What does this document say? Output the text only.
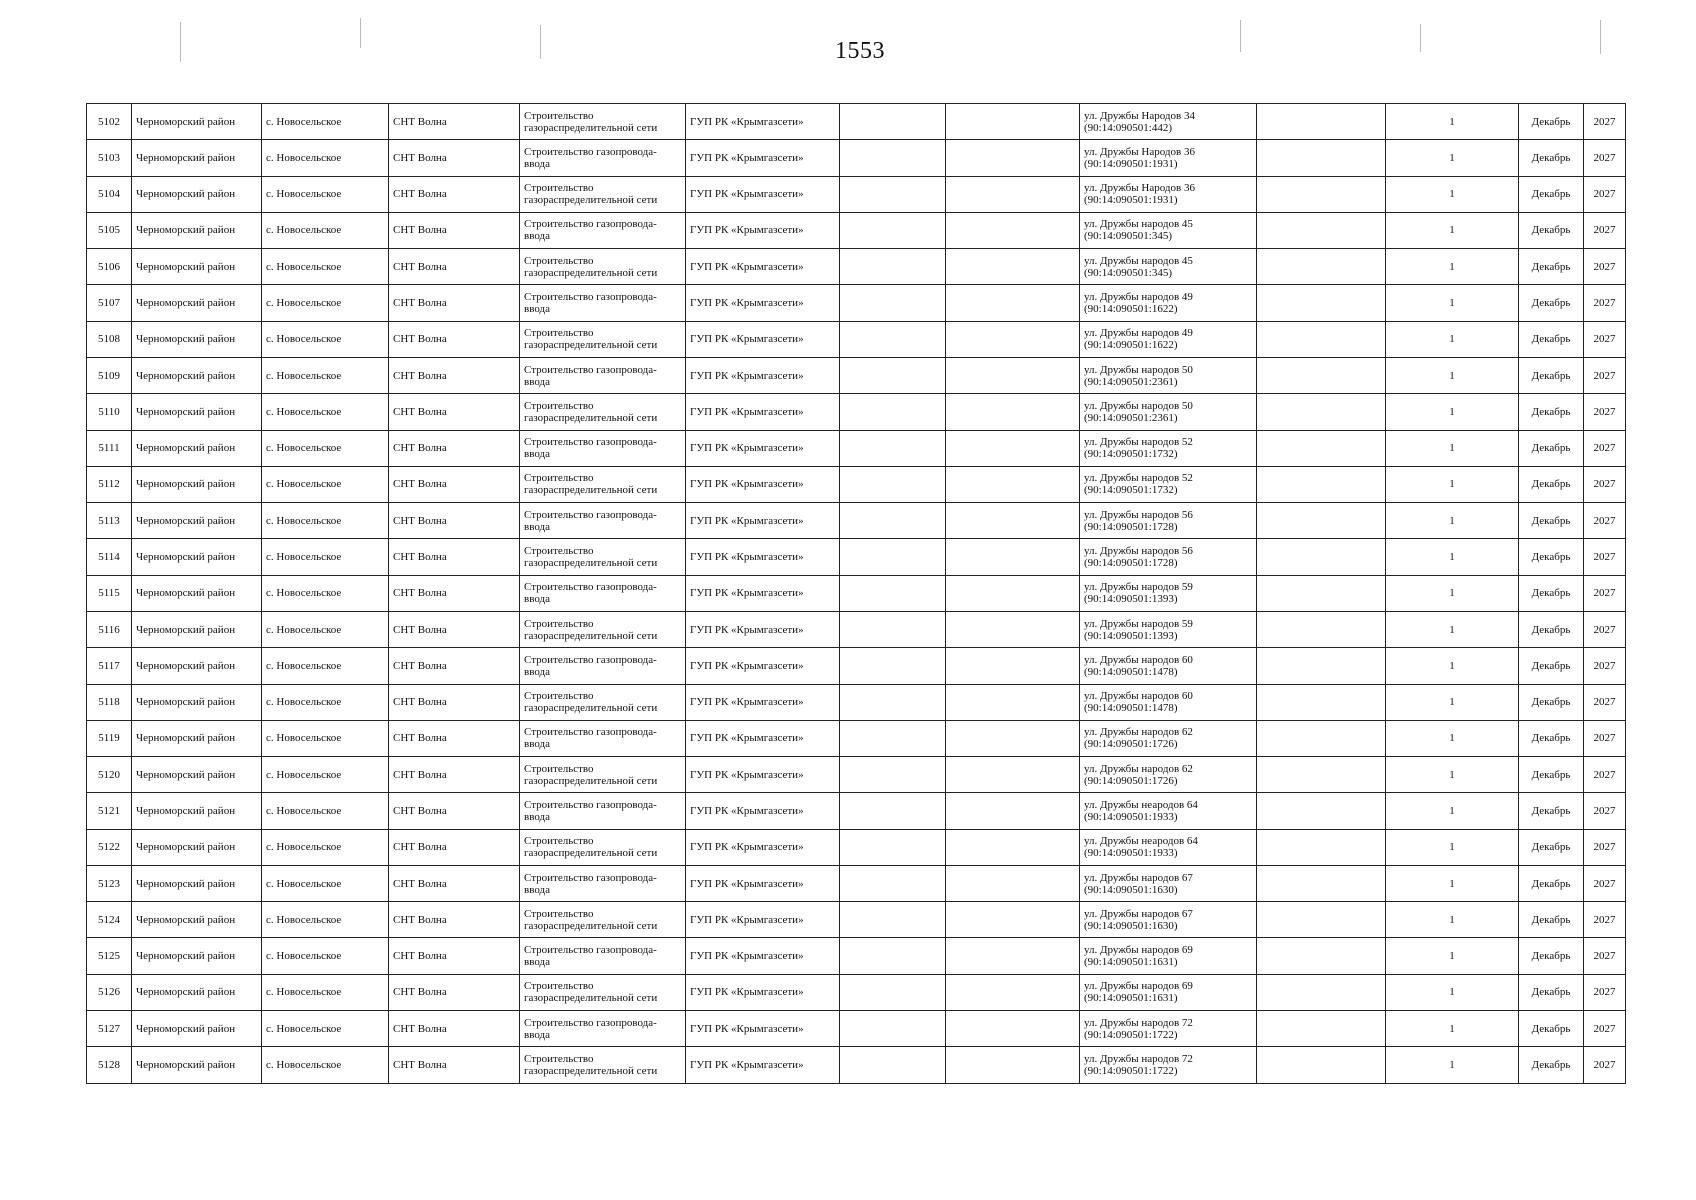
1553
5102	Черноморский район	с. Новосельское	СНТ Волна	Строительство газораспределительной сети	ГУП РК «Крымгазсети»			ул. Дружбы Народов 34 (90:14:090501:442)		1	Декабрь	2027
5103	Черноморский район	с. Новосельское	СНТ Волна	Строительство газопровода-ввода	ГУП РК «Крымгазсети»			ул. Дружбы Народов 36 (90:14:090501:1931)		1	Декабрь	2027
5104	Черноморский район	с. Новосельское	СНТ Волна	Строительство газораспределительной сети	ГУП РК «Крымгазсети»			ул. Дружбы Народов 36 (90:14:090501:1931)		1	Декабрь	2027
5105	Черноморский район	с. Новосельское	СНТ Волна	Строительство газопровода-ввода	ГУП РК «Крымгазсети»			ул. Дружбы народов 45 (90:14:090501:345)		1	Декабрь	2027
5106	Черноморский район	с. Новосельское	СНТ Волна	Строительство газораспределительной сети	ГУП РК «Крымгазсети»			ул. Дружбы народов 45 (90:14:090501:345)		1	Декабрь	2027
5107	Черноморский район	с. Новосельское	СНТ Волна	Строительство газопровода-ввода	ГУП РК «Крымгазсети»			ул. Дружбы народов 49 (90:14:090501:1622)		1	Декабрь	2027
5108	Черноморский район	с. Новосельское	СНТ Волна	Строительство газораспределительной сети	ГУП РК «Крымгазсети»			ул. Дружбы народов 49 (90:14:090501:1622)		1	Декабрь	2027
5109	Черноморский район	с. Новосельское	СНТ Волна	Строительство газопровода-ввода	ГУП РК «Крымгазсети»			ул. Дружбы народов 50 (90:14:090501:2361)		1	Декабрь	2027
5110	Черноморский район	с. Новосельское	СНТ Волна	Строительство газораспределительной сети	ГУП РК «Крымгазсети»			ул. Дружбы народов 50 (90:14:090501:2361)		1	Декабрь	2027
5111	Черноморский район	с. Новосельское	СНТ Волна	Строительство газопровода-ввода	ГУП РК «Крымгазсети»			ул. Дружбы народов 52 (90:14:090501:1732)		1	Декабрь	2027
5112	Черноморский район	с. Новосельское	СНТ Волна	Строительство газораспределительной сети	ГУП РК «Крымгазсети»			ул. Дружбы народов 52 (90:14:090501:1732)		1	Декабрь	2027
5113	Черноморский район	с. Новосельское	СНТ Волна	Строительство газопровода-ввода	ГУП РК «Крымгазсети»			ул. Дружбы народов 56 (90:14:090501:1728)		1	Декабрь	2027
5114	Черноморский район	с. Новосельское	СНТ Волна	Строительство газораспределительной сети	ГУП РК «Крымгазсети»			ул. Дружбы народов 56 (90:14:090501:1728)		1	Декабрь	2027
5115	Черноморский район	с. Новосельское	СНТ Волна	Строительство газопровода-ввода	ГУП РК «Крымгазсети»			ул. Дружбы народов 59 (90:14:090501:1393)		1	Декабрь	2027
5116	Черноморский район	с. Новосельское	СНТ Волна	Строительство газораспределительной сети	ГУП РК «Крымгазсети»			ул. Дружбы народов 59 (90:14:090501:1393)		1	Декабрь	2027
5117	Черноморский район	с. Новосельское	СНТ Волна	Строительство газопровода-ввода	ГУП РК «Крымгазсети»			ул. Дружбы народов 60 (90:14:090501:1478)		1	Декабрь	2027
5118	Черноморский район	с. Новосельское	СНТ Волна	Строительство газораспределительной сети	ГУП РК «Крымгазсети»			ул. Дружбы народов 60 (90:14:090501:1478)		1	Декабрь	2027
5119	Черноморский район	с. Новосельское	СНТ Волна	Строительство газопровода-ввода	ГУП РК «Крымгазсети»			ул. Дружбы народов 62 (90:14:090501:1726)		1	Декабрь	2027
5120	Черноморский район	с. Новосельское	СНТ Волна	Строительство газораспределительной сети	ГУП РК «Крымгазсети»			ул. Дружбы народов 62 (90:14:090501:1726)		1	Декабрь	2027
5121	Черноморский район	с. Новосельское	СНТ Волна	Строительство газопровода-ввода	ГУП РК «Крымгазсети»			ул. Дружбы неародов 64 (90:14:090501:1933)		1	Декабрь	2027
5122	Черноморский район	с. Новосельское	СНТ Волна	Строительство газораспределительной сети	ГУП РК «Крымгазсети»			ул. Дружбы неародов 64 (90:14:090501:1933)		1	Декабрь	2027
5123	Черноморский район	с. Новосельское	СНТ Волна	Строительство газопровода-ввода	ГУП РК «Крымгазсети»			ул. Дружбы народов 67 (90:14:090501:1630)		1	Декабрь	2027
5124	Черноморский район	с. Новосельское	СНТ Волна	Строительство газораспределительной сети	ГУП РК «Крымгазсети»			ул. Дружбы народов 67 (90:14:090501:1630)		1	Декабрь	2027
5125	Черноморский район	с. Новосельское	СНТ Волна	Строительство газопровода-ввода	ГУП РК «Крымгазсети»			ул. Дружбы народов 69 (90:14:090501:1631)		1	Декабрь	2027
5126	Черноморский район	с. Новосельское	СНТ Волна	Строительство газораспределительной сети	ГУП РК «Крымгазсети»			ул. Дружбы народов 69 (90:14:090501:1631)		1	Декабрь	2027
5127	Черноморский район	с. Новосельское	СНТ Волна	Строительство газопровода-ввода	ГУП РК «Крымгазсети»			ул. Дружбы народов 72 (90:14:090501:1722)		1	Декабрь	2027
5128	Черноморский район	с. Новосельское	СНТ Волна	Строительство газораспределительной сети	ГУП РК «Крымгазсети»			ул. Дружбы народов 72 (90:14:090501:1722)		1	Декабрь	2027
